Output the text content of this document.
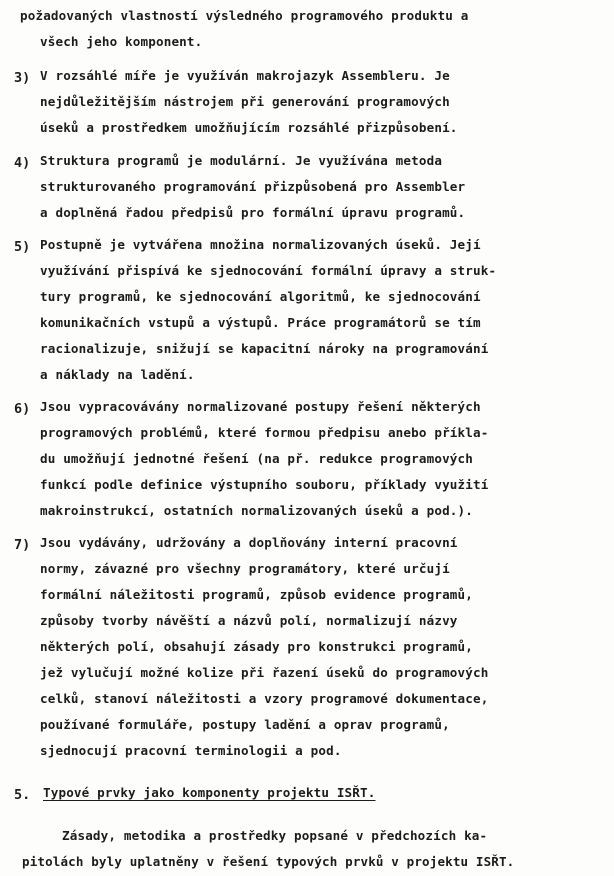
požadovaných vlastností výsledného programového produktu a
všech jeho komponent.
3) V rozsáhlé míře je využíván makrojazyk Assembleru. Je
nejdůležitějším nástrojem při generování programových
úseků a prostředkem umožňujícím rozsáhlé přizpůsobení.
4) Struktura programů je modulární. Je využívána metoda
strukturovaného programování přizpůsobená pro Assembler
a doplněná řadou předpisů pro formální úpravu programů.
5) Postupně je vytvářena množina normalizovaných úseků. Její
využívání přispívá ke sjednocování formální úpravy a struk-
tury programů, ke sjednocování algoritmů, ke sjednocování
komunikačních vstupů a výstupů. Práce programátorů se tím
racionalizuje, snižují se kapacitní nároky na programování
a náklady na ladění.
6) Jsou vypracovávány normalizované postupy řešení některých
programových problémů, které formou předpisu anebo příkla-
du umožňují jednotné řešení (na př. redukce programových
funkcí podle definice výstupního souboru, příklady využití
makroinstrukcí, ostatních normalizovaných úseků a pod.).
7) Jsou vydávány, udržovány a doplňovány interní pracovní
normy, závazné pro všechny programátory, které určují
formální náležitosti programů, způsob evidence programů,
způsoby tvorby návěští a názvů polí, normalizují názvy
některých polí, obsahují zásady pro konstrukci programů,
jež vylučují možné kolize při řazení úseků do programových
celků, stanoví náležitosti a vzory programové dokumentace,
používané formuláře, postupy ladění a oprav programů,
sjednocují pracovní terminologii a pod.
5. Typové prvky jako komponenty projektu ISŘT.
Zásady, metodika a prostředky popsané v předchozích ka-
pitolách byly uplatněny v řešení typových prvků v projektu ISŘT.
